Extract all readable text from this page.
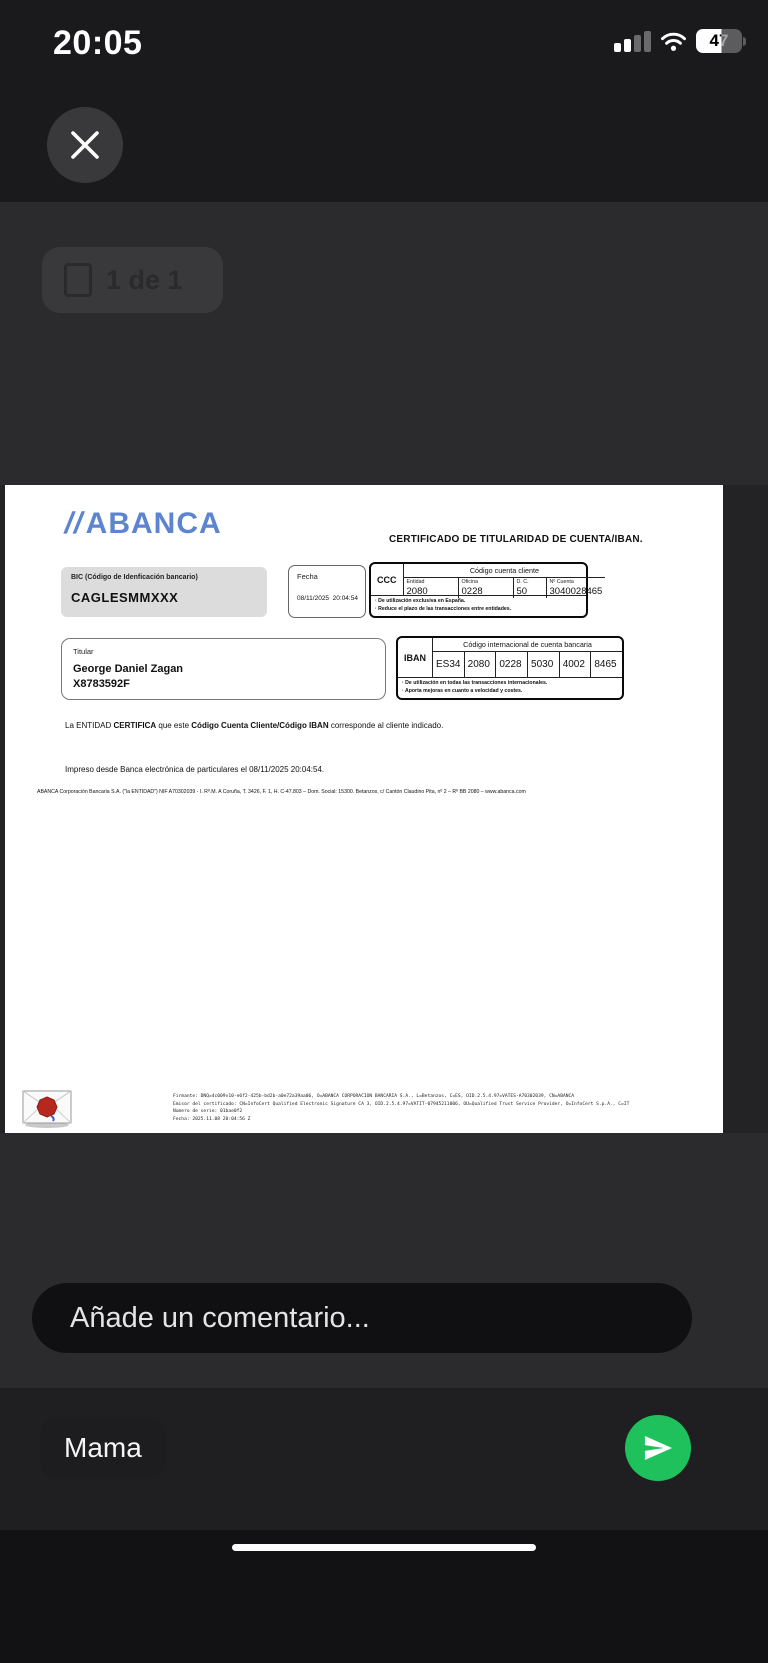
//ABANCA	CERTIFICADO DE TITULARIDAD DE CUENTA/IBAN.
BIC (Código de Idenficación bancario)
CAGLESMMXXX
Fecha
08/11/2025  20:04:54
CCC
Código cuenta cliente
Entidad
2080
Oficina
0228
D. C.
50
Nº Cuenta
3040028465
· De utilización exclusiva en España.
· Reduce el plazo de las transacciones entre entidades.
Titular
George Daniel Zagan
X8783592F
IBAN
Código internacional de cuenta bancaria
ES34 2080 0228 5030 4002 8465
· De utilización en todas las transacciones internacionales.
· Aporta mejoras en cuanto a velocidad y costes.
La ENTIDAD CERTIFICA que este Código Cuenta Cliente/Código IBAN corresponde al cliente indicado.
Impreso desde Banca electrónica de particulares el 08/11/2025 20:04:54.
ABANCA Corporación Bancaria S.A. ("la ENTIDAD") NIF A70302039 - I. Rº.M. A Coruña, T. 3426, F. 1, H. C-47.803 – Dom. Social: 15300. Betanzos, c/ Cantón Claudino Pita, nº 2 – Rº BB 2080 – www.abanca.com
Firmante: DNQ=4c009v10-e6f2-425b-bd2b-a0e72a39aa06, O=ABANCA CORPORACION BANCARIA S.A., L=Betanzos, C=ES, OID.2.5.4.97=VATES-A70302039, CN=ABANCA
Emisor del certificado: CN=InfoCert Qualified Electronic Signature CA 3, OID.2.5.4.97=VATIT-07945211006, OU=Qualified Trust Service Provider, O=InfoCert S.p.A., C=IT
Numero de serie: 01bae0f2
Fecha: 2025.11.08 20:04:56 Z
20:05	47
1 de 1
Añade un comentario...
Mama
